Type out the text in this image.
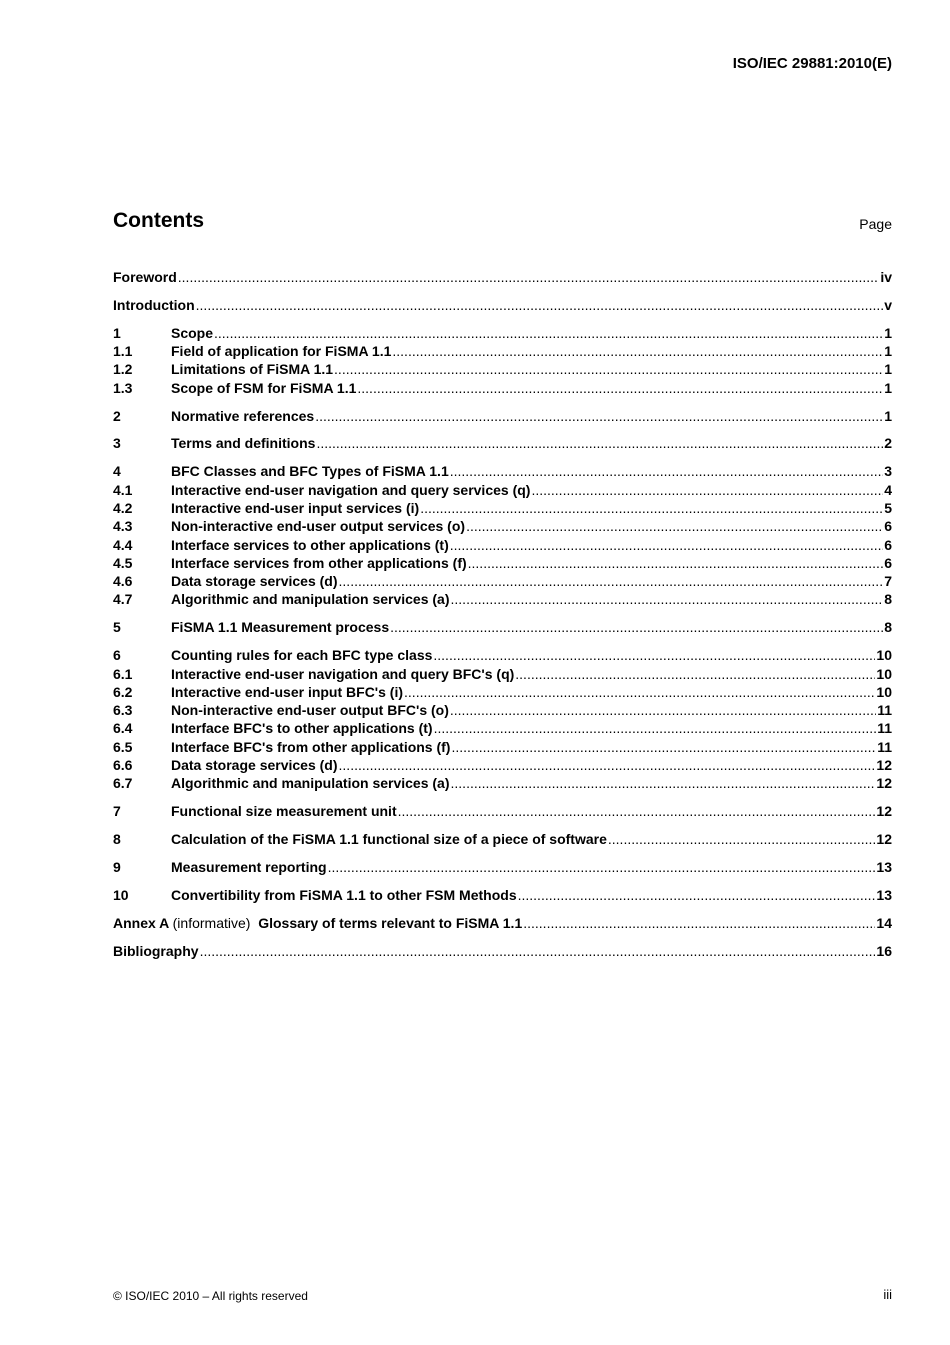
ISO/IEC 29881:2010(E)
Contents	Page
Foreword .....	iv
Introduction .....	v
1	Scope .....	1
1.1	Field of application for FiSMA 1.1 .....	1
1.2	Limitations of FiSMA 1.1 .....	1
1.3	Scope of FSM for FiSMA 1.1 .....	1
2	Normative references .....	1
3	Terms and definitions .....	2
4	BFC Classes and BFC Types of FiSMA 1.1 .....	3
4.1	Interactive end-user navigation and query services (q) .....	4
4.2	Interactive end-user input services (i) .....	5
4.3	Non-interactive end-user output services (o) .....	6
4.4	Interface services to other applications (t) .....	6
4.5	Interface services from other applications (f) .....	6
4.6	Data storage services (d) .....	7
4.7	Algorithmic and manipulation services (a) .....	8
5	FiSMA 1.1 Measurement process .....	8
6	Counting rules for each BFC type class .....	10
6.1	Interactive end-user navigation and query BFC's (q) .....	10
6.2	Interactive end-user input BFC's (i) .....	10
6.3	Non-interactive end-user output BFC's (o) .....	11
6.4	Interface BFC's to other applications (t) .....	11
6.5	Interface BFC's from other applications (f) .....	11
6.6	Data storage services (d) .....	12
6.7	Algorithmic and manipulation services (a) .....	12
7	Functional size measurement unit .....	12
8	Calculation of the FiSMA 1.1 functional size of a piece of software .....	12
9	Measurement reporting .....	13
10	Convertibility from FiSMA 1.1 to other FSM Methods .....	13
Annex A (informative) Glossary of terms relevant to FiSMA 1.1 .....	14
Bibliography .....	16
© ISO/IEC 2010 – All rights reserved	iii
